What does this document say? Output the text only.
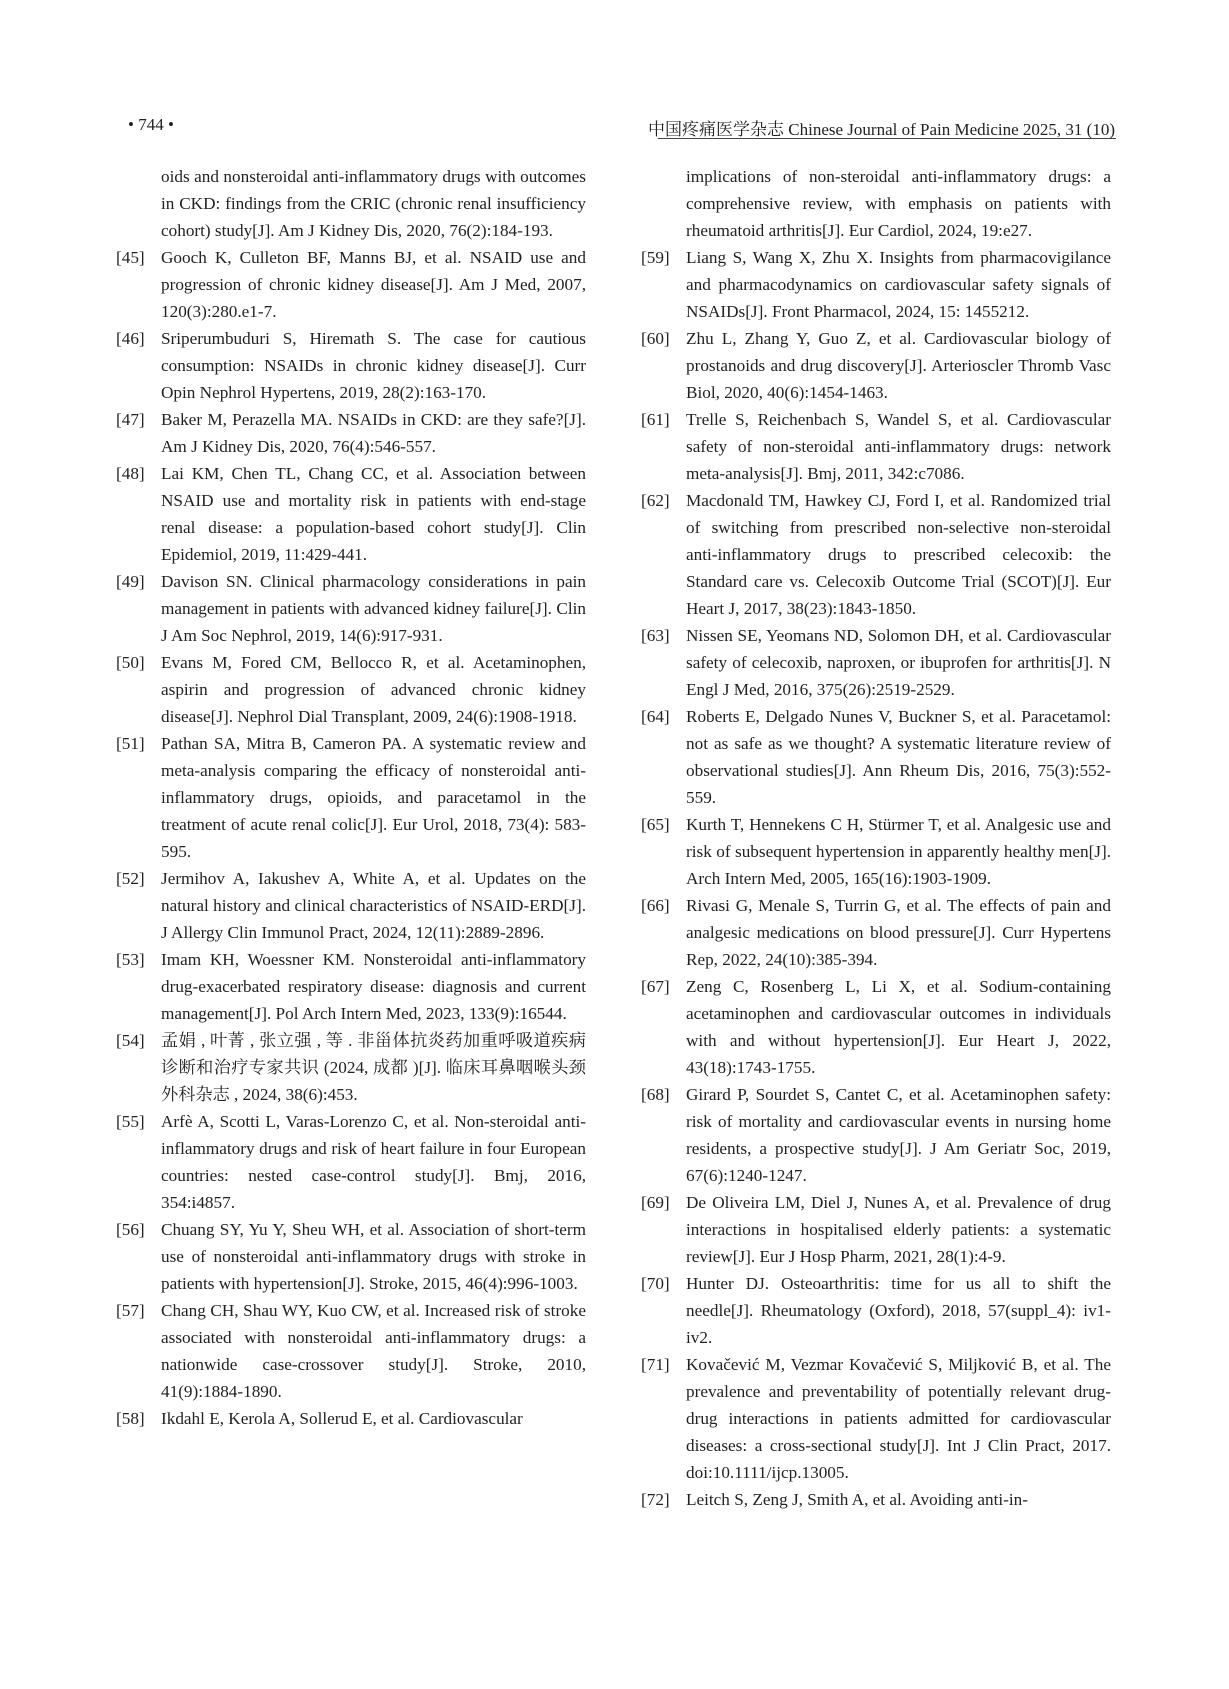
• 744 •	中国疼痛医学杂志 Chinese Journal of Pain Medicine 2025, 31 (10)
oids and nonsteroidal anti-inflammatory drugs with outcomes in CKD: findings from the CRIC (chronic renal insufficiency cohort) study[J]. Am J Kidney Dis, 2020, 76(2):184-193.
[45] Gooch K, Culleton BF, Manns BJ, et al. NSAID use and progression of chronic kidney disease[J]. Am J Med, 2007, 120(3):280.e1-7.
[46] Sriperumbuduri S, Hiremath S. The case for cautious consumption: NSAIDs in chronic kidney disease[J]. Curr Opin Nephrol Hypertens, 2019, 28(2):163-170.
[47] Baker M, Perazella MA. NSAIDs in CKD: are they safe?[J]. Am J Kidney Dis, 2020, 76(4):546-557.
[48] Lai KM, Chen TL, Chang CC, et al. Association between NSAID use and mortality risk in patients with end-stage renal disease: a population-based cohort study[J]. Clin Epidemiol, 2019, 11:429-441.
[49] Davison SN. Clinical pharmacology considerations in pain management in patients with advanced kidney failure[J]. Clin J Am Soc Nephrol, 2019, 14(6):917-931.
[50] Evans M, Fored CM, Bellocco R, et al. Acetaminophen, aspirin and progression of advanced chronic kidney disease[J]. Nephrol Dial Transplant, 2009, 24(6):1908-1918.
[51] Pathan SA, Mitra B, Cameron PA. A systematic review and meta-analysis comparing the efficacy of nonsteroidal anti-inflammatory drugs, opioids, and paracetamol in the treatment of acute renal colic[J]. Eur Urol, 2018, 73(4): 583-595.
[52] Jermihov A, Iakushev A, White A, et al. Updates on the natural history and clinical characteristics of NSAID-ERD[J]. J Allergy Clin Immunol Pract, 2024, 12(11):2889-2896.
[53] Imam KH, Woessner KM. Nonsteroidal anti-inflammatory drug-exacerbated respiratory disease: diagnosis and current management[J]. Pol Arch Intern Med, 2023, 133(9):16544.
[54] 孟娟 , 叶菁 , 张立强 , 等 . 非甾体抗炎药加重呼吸道疾病诊断和治疗专家共识 (2024, 成都 )[J]. 临床耳鼻咽喉头颈外科杂志 , 2024, 38(6):453.
[55] Arfè A, Scotti L, Varas-Lorenzo C, et al. Non-steroidal anti-inflammatory drugs and risk of heart failure in four European countries: nested case-control study[J]. Bmj, 2016, 354:i4857.
[56] Chuang SY, Yu Y, Sheu WH, et al. Association of short-term use of nonsteroidal anti-inflammatory drugs with stroke in patients with hypertension[J]. Stroke, 2015, 46(4):996-1003.
[57] Chang CH, Shau WY, Kuo CW, et al. Increased risk of stroke associated with nonsteroidal anti-inflammatory drugs: a nationwide case-crossover study[J]. Stroke, 2010, 41(9):1884-1890.
[58] Ikdahl E, Kerola A, Sollerud E, et al. Cardiovascular
implications of non-steroidal anti-inflammatory drugs: a comprehensive review, with emphasis on patients with rheumatoid arthritis[J]. Eur Cardiol, 2024, 19:e27.
[59] Liang S, Wang X, Zhu X. Insights from pharmacovigilance and pharmacodynamics on cardiovascular safety signals of NSAIDs[J]. Front Pharmacol, 2024, 15: 1455212.
[60] Zhu L, Zhang Y, Guo Z, et al. Cardiovascular biology of prostanoids and drug discovery[J]. Arterioscler Thromb Vasc Biol, 2020, 40(6):1454-1463.
[61] Trelle S, Reichenbach S, Wandel S, et al. Cardiovascular safety of non-steroidal anti-inflammatory drugs: network meta-analysis[J]. Bmj, 2011, 342:c7086.
[62] Macdonald TM, Hawkey CJ, Ford I, et al. Randomized trial of switching from prescribed non-selective non-steroidal anti-inflammatory drugs to prescribed celecoxib: the Standard care vs. Celecoxib Outcome Trial (SCOT)[J]. Eur Heart J, 2017, 38(23):1843-1850.
[63] Nissen SE, Yeomans ND, Solomon DH, et al. Cardiovascular safety of celecoxib, naproxen, or ibuprofen for arthritis[J]. N Engl J Med, 2016, 375(26):2519-2529.
[64] Roberts E, Delgado Nunes V, Buckner S, et al. Paracetamol: not as safe as we thought? A systematic literature review of observational studies[J]. Ann Rheum Dis, 2016, 75(3):552-559.
[65] Kurth T, Hennekens C H, Stürmer T, et al. Analgesic use and risk of subsequent hypertension in apparently healthy men[J]. Arch Intern Med, 2005, 165(16):1903-1909.
[66] Rivasi G, Menale S, Turrin G, et al. The effects of pain and analgesic medications on blood pressure[J]. Curr Hypertens Rep, 2022, 24(10):385-394.
[67] Zeng C, Rosenberg L, Li X, et al. Sodium-containing acetaminophen and cardiovascular outcomes in individuals with and without hypertension[J]. Eur Heart J, 2022, 43(18):1743-1755.
[68] Girard P, Sourdet S, Cantet C, et al. Acetaminophen safety: risk of mortality and cardiovascular events in nursing home residents, a prospective study[J]. J Am Geriatr Soc, 2019, 67(6):1240-1247.
[69] De Oliveira LM, Diel J, Nunes A, et al. Prevalence of drug interactions in hospitalised elderly patients: a systematic review[J]. Eur J Hosp Pharm, 2021, 28(1):4-9.
[70] Hunter DJ. Osteoarthritis: time for us all to shift the needle[J]. Rheumatology (Oxford), 2018, 57(suppl_4): iv1-iv2.
[71] Kovačević M, Vezmar Kovačević S, Miljković B, et al. The prevalence and preventability of potentially relevant drug-drug interactions in patients admitted for cardiovascular diseases: a cross-sectional study[J]. Int J Clin Pract, 2017. doi:10.1111/ijcp.13005.
[72] Leitch S, Zeng J, Smith A, et al. Avoiding anti-in-
